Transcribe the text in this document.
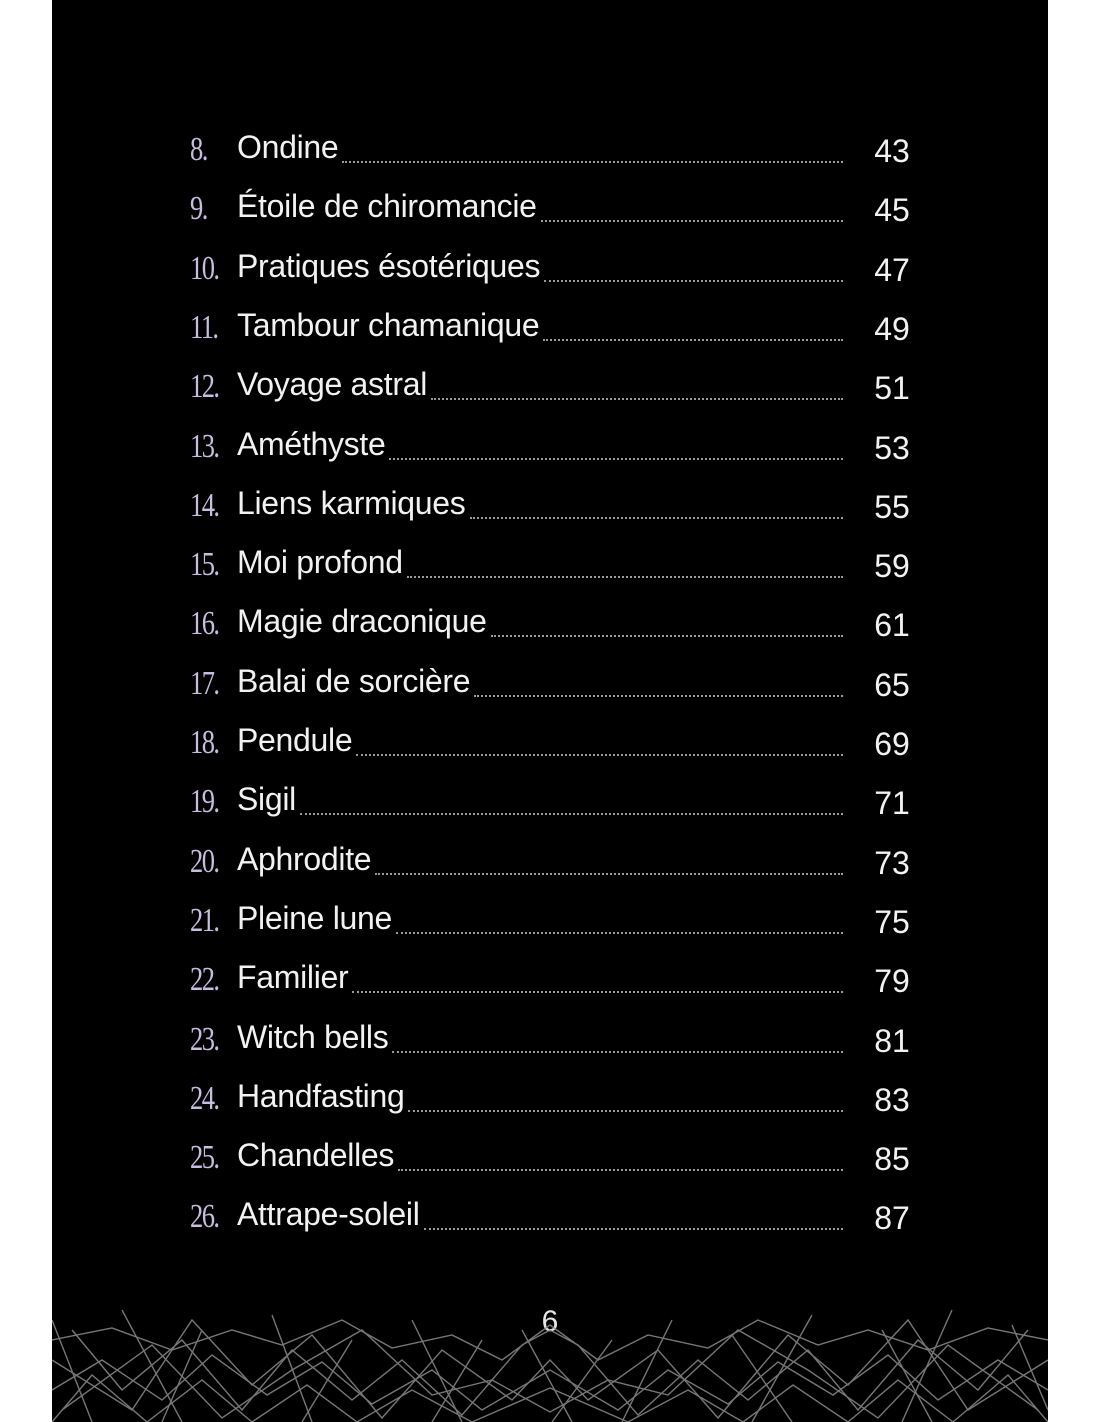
8. Ondine	43
9. Étoile de chiromancie	45
10. Pratiques ésotériques	47
11. Tambour chamanique	49
12. Voyage astral	51
13. Améthyste	53
14. Liens karmiques	55
15. Moi profond	59
16. Magie draconique	61
17. Balai de sorcière	65
18. Pendule	69
19. Sigil	71
20. Aphrodite	73
21. Pleine lune	75
22. Familier	79
23. Witch bells	81
24. Handfasting	83
25. Chandelles	85
26. Attrape-soleil	87
6
